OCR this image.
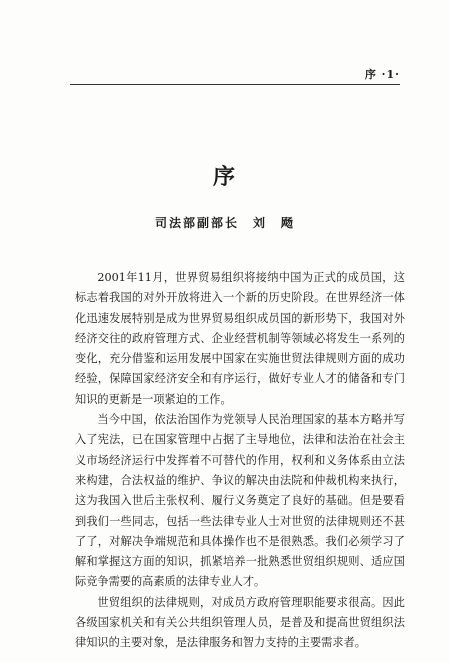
序 ·1·
序
司法部副部长　刘　飏

2001年11月，世界贸易组织将接纳中国为正式的成员国，这标志着我国的对外开放将进入一个新的历史阶段。在世界经济一体化迅速发展特别是成为世界贸易组织成员国的新形势下，我国对外经济交往的政府管理方式、企业经营机制等领域必将发生一系列的变化，充分借鉴和运用发展中国家在实施世贸法律规则方面的成功经验，保障国家经济安全和有序运行，做好专业人才的储备和专门知识的更新是一项紧迫的工作。

当今中国，依法治国作为党领导人民治理国家的基本方略并写入了宪法，已在国家管理中占据了主导地位，法律和法治在社会主义市场经济运行中发挥着不可替代的作用，权利和义务体系由立法来构建，合法权益的维护、争议的解决由法院和仲裁机构来执行，这为我国入世后主张权利、履行义务奠定了良好的基础。但是要看到我们一些同志，包括一些法律专业人士对世贸的法律规则还不甚了了，对解决争端规范和具体操作也不是很熟悉。我们必须学习了解和掌握这方面的知识，抓紧培养一批熟悉世贸组织规则、适应国际竞争需要的高素质的法律专业人才。

世贸组织的法律规则，对成员方政府管理职能要求很高。因此各级国家机关和有关公共组织管理人员，是普及和提高世贸组织法律知识的主要对象，是法律服务和智力支持的主要需求者。
